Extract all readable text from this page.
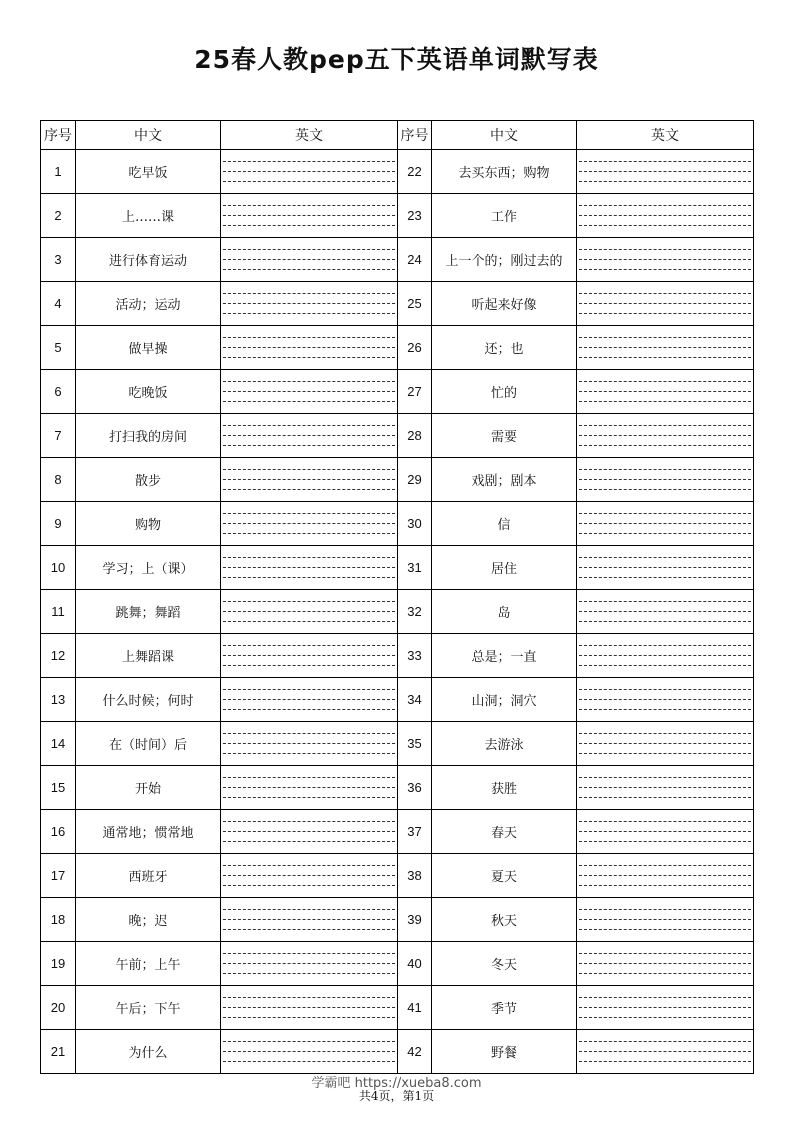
25春人教pep五下英语单词默写表
序号	中文	英文	序号	中文	英文
1	吃早饭		22	去买东西；购物	

2	上……课		23	工作	

3	进行体育运动		24	上一个的；刚过去的	

4	活动；运动		25	听起来好像	

5	做早操		26	还；也	

6	吃晚饭		27	忙的	

7	打扫我的房间		28	需要	

8	散步		29	戏剧；剧本	

9	购物		30	信	

10	学习；上（课）		31	居住	

11	跳舞；舞蹈		32	岛	

12	上舞蹈课		33	总是；一直	

13	什么时候；何时		34	山洞；洞穴	

14	在（时间）后		35	去游泳	

15	开始		36	获胜	

16	通常地；惯常地		37	春天	

17	西班牙		38	夏天	

18	晚；迟		39	秋天	

19	午前；上午		40	冬天	

20	午后；下午		41	季节	

21	为什么		42	野餐	
学霸吧 https://xueba8.com
共4页，第1页
